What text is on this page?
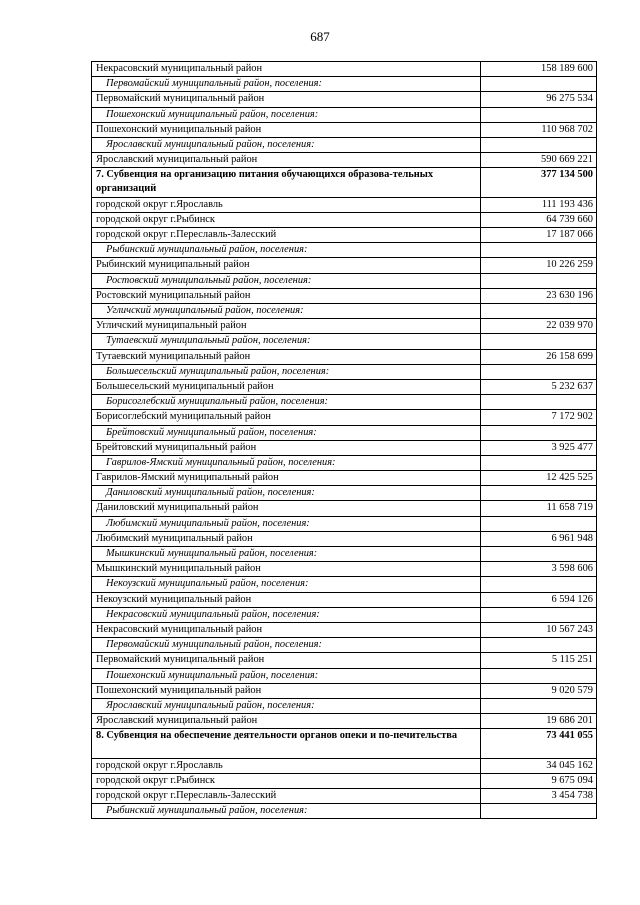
687
Некрасовский муниципальный район	158 189 600
Первомайский муниципальный район, поселения:	
Первомайский муниципальный район	96 275 534
Пошехонский муниципальный район, поселения:	
Пошехонский муниципальный район	110 968 702
Ярославский муниципальный район, поселения:	
Ярославский муниципальный район	590 669 221
7. Субвенция на организацию питания обучающихся образова-тельных организаций	377 134 500
городской округ г.Ярославль	111 193 436
городской округ г.Рыбинск	64 739 660
городской округ г.Переславль-Залесский	17 187 066
Рыбинский муниципальный район, поселения:	
Рыбинский муниципальный район	10 226 259
Ростовский муниципальный район, поселения:	
Ростовский муниципальный район	23 630 196
Угличский муниципальный район, поселения:	
Угличский муниципальный район	22 039 970
Тутаевский муниципальный район, поселения:	
Тутаевский муниципальный район	26 158 699
Большесельский муниципальный район, поселения:	
Большесельский муниципальный район	5 232 637
Борисоглебский муниципальный район, поселения:	
Борисоглебский муниципальный район	7 172 902
Брейтовский муниципальный район, поселения:	
Брейтовский муниципальный район	3 925 477
Гаврилов-Ямский муниципальный район, поселения:	
Гаврилов-Ямский муниципальный район	12 425 525
Даниловский муниципальный район, поселения:	
Даниловский муниципальный район	11 658 719
Любимский муниципальный район, поселения:	
Любимский муниципальный район	6 961 948
Мышкинский муниципальный район, поселения:	
Мышкинский муниципальный район	3 598 606
Некоузский муниципальный район, поселения:	
Некоузский муниципальный район	6 594 126
Некрасовский муниципальный район, поселения:	
Некрасовский муниципальный район	10 567 243
Первомайский муниципальный район, поселения:	
Первомайский муниципальный район	5 115 251
Пошехонский муниципальный район, поселения:	
Пошехонский муниципальный район	9 020 579
Ярославский муниципальный район, поселения:	
Ярославский муниципальный район	19 686 201
8. Субвенция на обеспечение деятельности органов опеки и по-печительства	73 441 055
городской округ г.Ярославль	34 045 162
городской округ г.Рыбинск	9 675 094
городской округ г.Переславль-Залесский	3 454 738
Рыбинский муниципальный район, поселения:	
